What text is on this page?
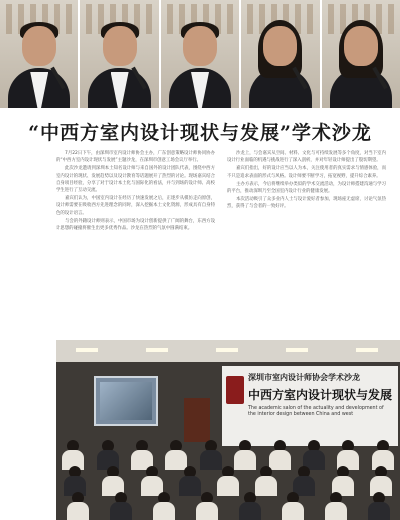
“中西方室内设计现状与发展”学术沙龙

7月22日下午，由深圳市室内设计师协会主办，广东创意策略设计师协同协办的“中西方室内设计现状与发展”主题沙龙，在深圳市创意工场会议厅举行。

此次沙龙邀请到深圳本土知名设计师与来自国外的设计团队代表，围绕中西方室内设计的现状、发展趋势以及设计教育等话题展开了热烈的讨论。现场嘉宾结合自身项目经验，分享了对于设计本土化与国际化的看法，并与到场的设计师、高校学生进行了互动交流。

嘉宾们认为，中国室内设计在经历了快速发展之后，正逐步从模仿走向原创，设计师需要在吸收西方先进理念的同时，深入挖掘本土文化资源，形成具有自身特色的设计语言。

与会的外籍设计师则表示，中国市场为设计创新提供了广阔的舞台，东西方设计思想的碰撞将催生出更多优秀作品。沙龙在热烈的气氛中圆满结束。

沙龙上，与会嘉宾从空间、材料、文化与可持续发展等多个角度，对当下室内设计行业面临的机遇与挑战进行了深入剖析，并对年轻设计师提出了殷切期望。

嘉宾们指出，好的设计应当以人为本，关注使用者的真实需求与情感体验，而不只是追求表面的形式与风格。设计师要不断学习，拓宽视野，提升综合素养。

主办方表示，今后将继续举办类似的学术交流活动，为设计师搭建沟通与学习的平台，推动深圳乃至全国室内设计行业的健康发展。

本次活动吸引了众多业内人士与设计爱好者参加，现场座无虚席，讨论气氛热烈，获得了与会者的一致好评。

深圳市室内设计师协会学术沙龙
中西方室内设计现状与发展
The academic salon of the actuality and development of the interior design between China and west
